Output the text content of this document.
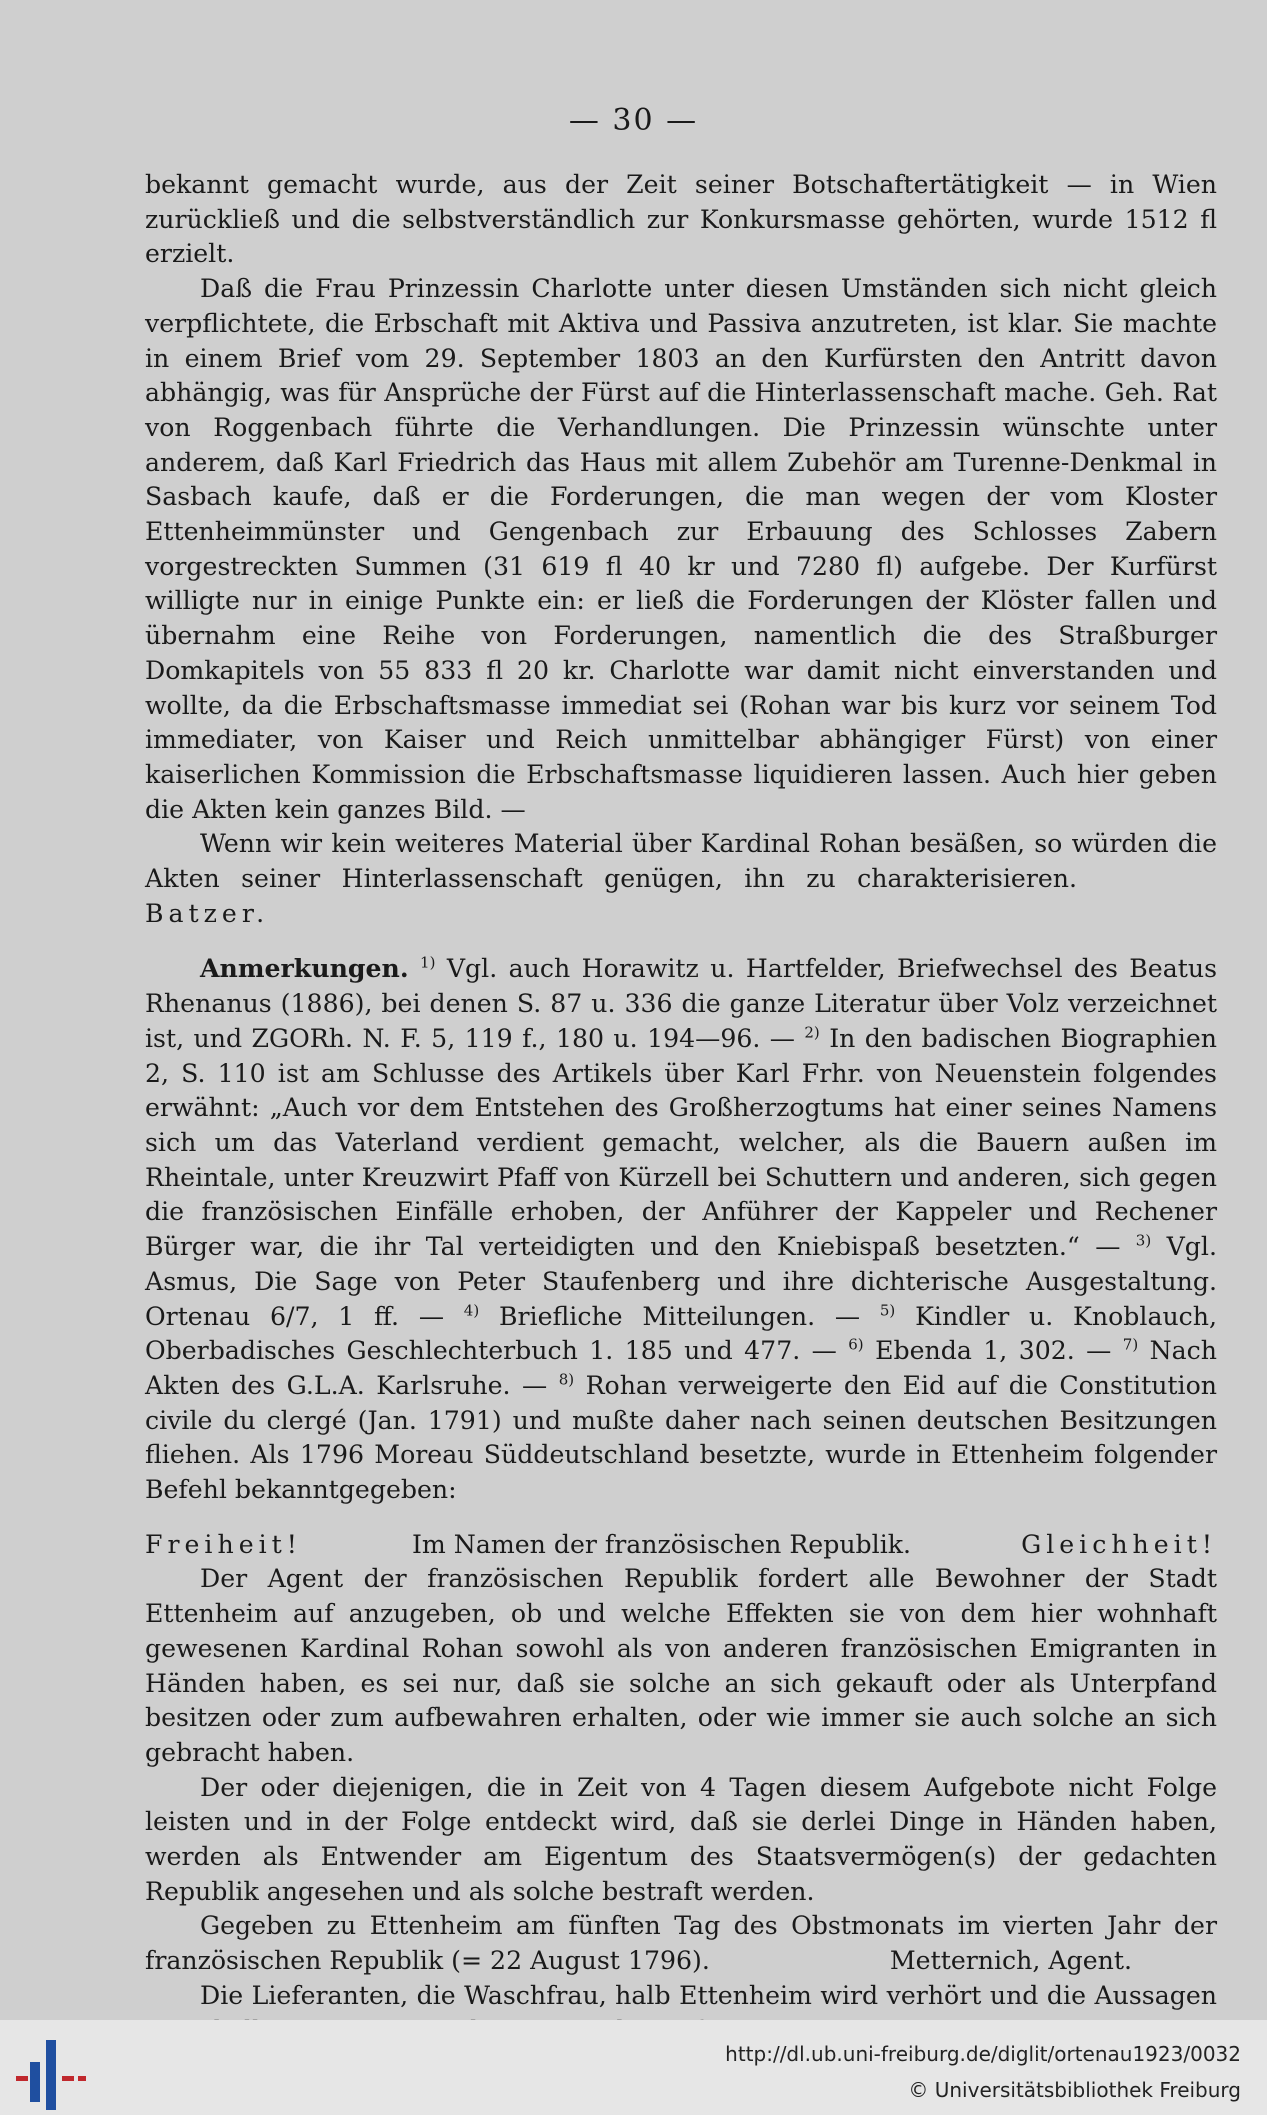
— 30 —

bekannt gemacht wurde, aus der Zeit seiner Botschaftertätigkeit — in Wien zurückließ und die selbstverständlich zur Konkursmasse gehörten, wurde 1512 fl erzielt.

Daß die Frau Prinzessin Charlotte unter diesen Umständen sich nicht gleich verpflichtete, die Erbschaft mit Aktiva und Passiva anzutreten, ist klar. Sie machte in einem Brief vom 29. September 1803 an den Kurfürsten den Antritt davon abhängig, was für Ansprüche der Fürst auf die Hinterlassenschaft mache. Geh. Rat von Roggenbach führte die Verhandlungen. Die Prinzessin wünschte unter anderem, daß Karl Friedrich das Haus mit allem Zubehör am Turenne-Denkmal in Sasbach kaufe, daß er die Forderungen, die man wegen der vom Kloster Ettenheimmünster und Gengenbach zur Erbauung des Schlosses Zabern vorgestreckten Summen (31 619 fl 40 kr und 7280 fl) aufgebe. Der Kurfürst willigte nur in einige Punkte ein: er ließ die Forderungen der Klöster fallen und übernahm eine Reihe von Forderungen, namentlich die des Straßburger Domkapitels von 55 833 fl 20 kr. Charlotte war damit nicht einverstanden und wollte, da die Erbschaftsmasse immediat sei (Rohan war bis kurz vor seinem Tod immediater, von Kaiser und Reich unmittelbar abhängiger Fürst) von einer kaiserlichen Kommission die Erbschaftsmasse liquidieren lassen. Auch hier geben die Akten kein ganzes Bild. —

Wenn wir kein weiteres Material über Kardinal Rohan besäßen, so würden die Akten seiner Hinterlassenschaft genügen, ihn zu charakterisieren.Batzer.

Anmerkungen. $^{1)}$ Vgl. auch Horawitz u. Hartfelder, Briefwechsel des Beatus Rhenanus (1886), bei denen S. 87 u. 336 die ganze Literatur über Volz verzeichnet ist, und ZGORh. N. F. 5, 119 f., 180 u. 194—96. — $^{2)}$ In den badischen Biographien 2, S. 110 ist am Schlusse des Artikels über Karl Frhr. von Neuenstein folgendes erwähnt: „Auch vor dem Entstehen des Großherzogtums hat einer seines Namens sich um das Vaterland verdient gemacht, welcher, als die Bauern außen im Rheintale, unter Kreuzwirt Pfaff von Kürzell bei Schuttern und anderen, sich gegen die französischen Einfälle erhoben, der Anführer der Kappeler und Rechener Bürger war, die ihr Tal verteidigten und den Kniebispaß besetzten.“ — $^{3)}$ Vgl. Asmus, Die Sage von Peter Staufenberg und ihre dichterische Ausgestaltung. Ortenau 6/7, 1 ff. — $^{4)}$ Briefliche Mitteilungen. — $^{5)}$ Kindler u. Knoblauch, Oberbadisches Geschlechterbuch 1. 185 und 477. — $^{6)}$ Ebenda 1, 302. — $^{7)}$ Nach Akten des G.L.A. Karlsruhe. — $^{8)}$ Rohan verweigerte den Eid auf die Constitution civile du clergé (Jan. 1791) und mußte daher nach seinen deutschen Besitzungen fliehen. Als 1796 Moreau Süddeutschland besetzte, wurde in Ettenheim folgender Befehl bekanntgegeben:

Freiheit!	Im Namen der französischen Republik.	Gleichheit!

Der Agent der französischen Republik fordert alle Bewohner der Stadt Ettenheim auf anzugeben, ob und welche Effekten sie von dem hier wohnhaft gewesenen Kardinal Rohan sowohl als von anderen französischen Emigranten in Händen haben, es sei nur, daß sie solche an sich gekauft oder als Unterpfand besitzen oder zum aufbewahren erhalten, oder wie immer sie auch solche an sich gebracht haben.

Der oder diejenigen, die in Zeit von 4 Tagen diesem Aufgebote nicht Folge leisten und in der Folge entdeckt wird, daß sie derlei Dinge in Händen haben, werden als Entwender am Eigentum des Staatsvermögen(s) der gedachten Republik angesehen und als solche bestraft werden.

Gegeben zu Ettenheim am fünften Tag des Obstmonats im vierten Jahr der französischen Republik (= 22 August 1796).	Metternich, Agent.

Die Lieferanten, die Waschfrau, halb Ettenheim wird verhört und die Aussagen

http://dl.ub.uni-freiburg.de/diglit/ortenau1923/0032
© Universitätsbibliothek Freiburg
